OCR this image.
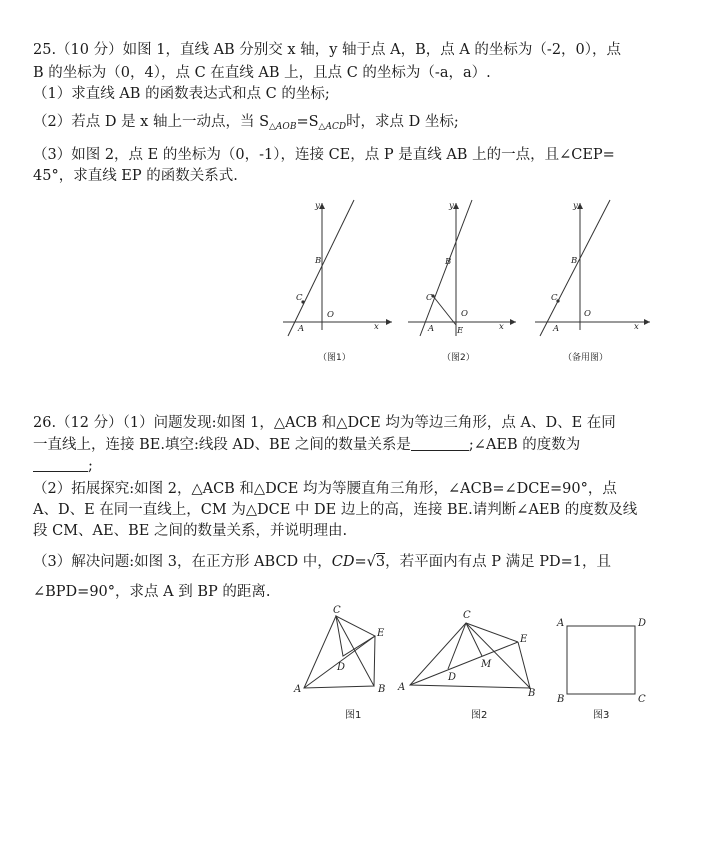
25.（10 分）如图 1，直线 AB 分别交 x 轴，y 轴于点 A，B，点 A 的坐标为（-2，0），点
B 的坐标为（0，4），点 C 在直线 AB 上，且点 C 的坐标为（-a，a）.
（1）求直线 AB 的函数表达式和点 C 的坐标;
（2）若点 D 是 x 轴上一动点，当 $S_{\triangle AOB}=S_{\triangle ACD}$时，求点 D 坐标;
（3）如图 2，点 E 的坐标为（0，-1），连接 CE，点 P 是直线 AB 上的一点，且∠CEP=
45°，求直线 EP 的函数关系式.
y
x
B
C
O
A
y
x
B
C
O
A	E
y
x
B
C
O
A
（图1）	（图2）	（备用图）
26.（12 分）（1）问题发现:如图 1，△ACB 和△DCE 均为等边三角形，点 A、D、E 在同
一直线上，连接 BE.填空:线段 AD、BE 之间的数量关系是	;∠AEB 的度数为
;
（2）拓展探究:如图 2，△ACB 和△DCE 均为等腰直角三角形，∠ACB=∠DCE=90°，点
A、D、E 在同一直线上，CM 为△DCE 中 DE 边上的高，连接 BE.请判断∠AEB 的度数及线
段 CM、AE、BE 之间的数量关系，并说明理由.
（3）解决问题:如图 3，在正方形 ABCD 中，CD=√3，若平面内有点 P 满足 PD=1，且
∠BPD=90°，求点 A 到 BP 的距离.
C
E
D
A	B
C
E
M
D
A
B
A	D
B	C
图1	图2	图3
